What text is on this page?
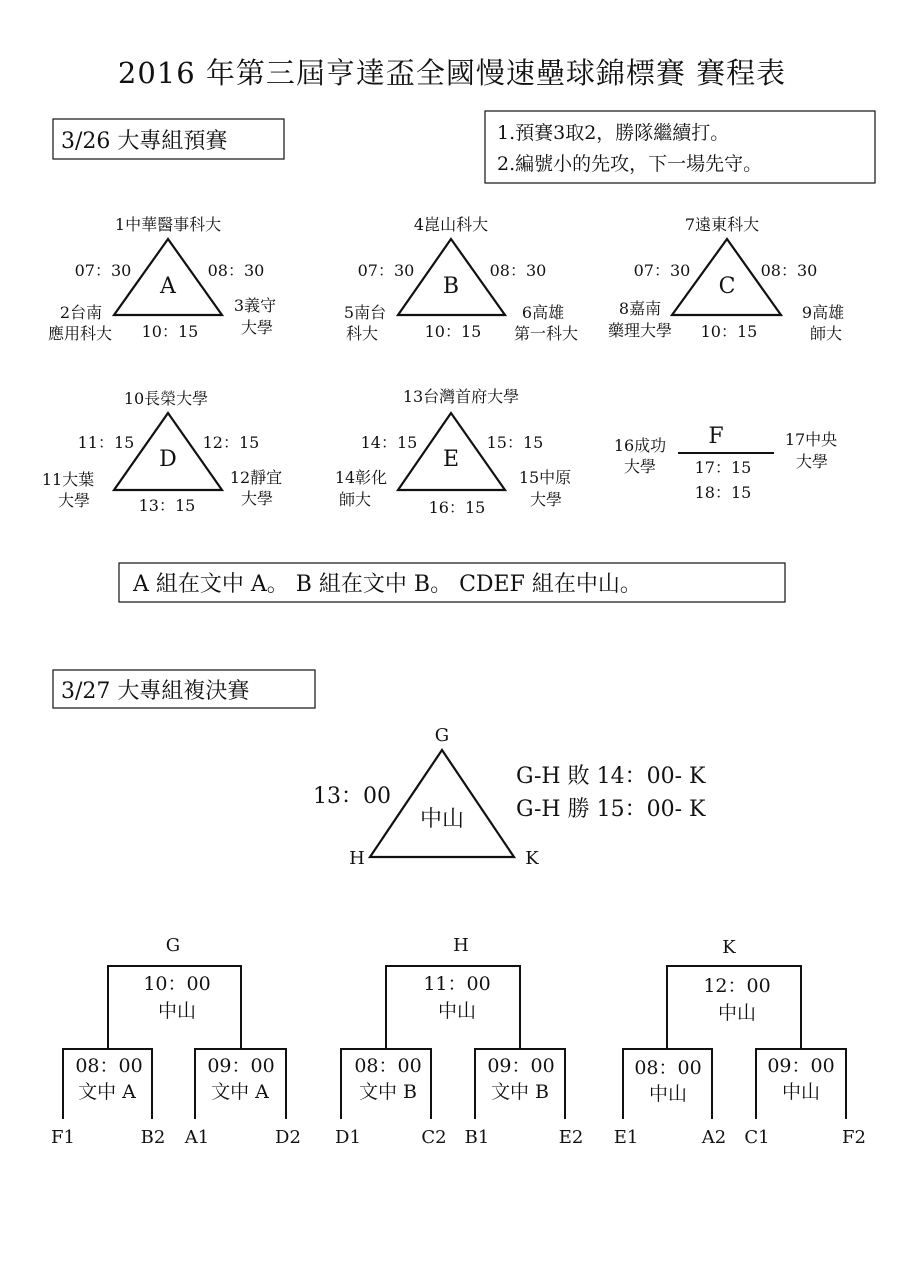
2016 年第三屆亨達盃全國慢速壘球錦標賽 賽程表
3/26 大專組預賽	1.預賽3取2，勝隊繼續打。
2.編號小的先攻，下一場先守。
A
1中華醫事科大
07：30	08：30
10：15
2台南
應用科大
3義守
大學
B
4崑山科大
07：30	08：30
10：15
5南台
科大
6高雄
第一科大
C
7遠東科大
07：30	08：30
10：15
8嘉南
藥理大學
9高雄
師大
D
10長榮大學
11：15	12：15
13：15
11大葉
大學
12靜宜
大學
E
13台灣首府大學
14：15	15：15
16：15
14彰化
師大
15中原
大學
F
16成功
大學
17中央
大學
17：15
18：15
A 組在文中 A。 B 組在文中 B。 CDEF 組在中山。
3/27 大專組複決賽
G
H	K
中山
13：00
G-H 敗 14：00- K
G-H 勝 15：00- K
G
10：00
中山
08：00
文中 A
F1	B2
09：00
文中 A
A1	D2
H
11：00
中山
08：00
文中 B
D1	C2
09：00
文中 B
B1	E2
K
12：00
中山
08：00
中山
E1	A2
09：00
中山
C1	F2
